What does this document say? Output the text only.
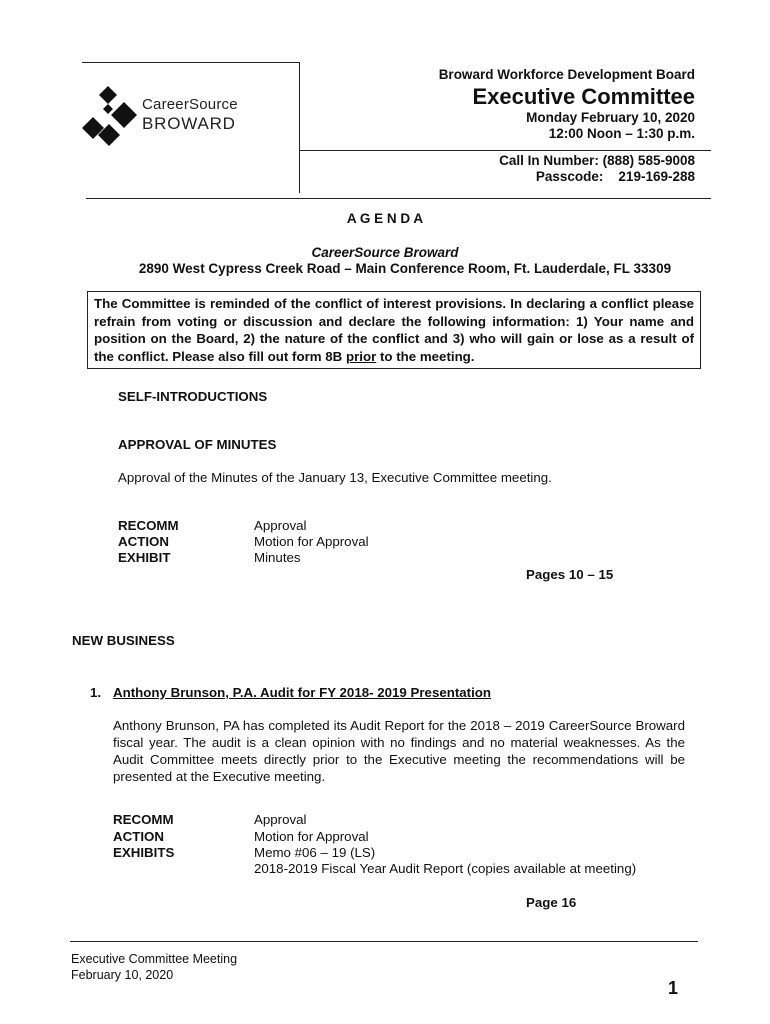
CareerSource
BROWARD
Broward Workforce Development Board
Executive Committee
Monday February 10, 2020
12:00 Noon – 1:30 p.m.
Call In Number: (888) 585-9008
Passcode:    219-169-288
A G E N D A
CareerSource Broward
2890 West Cypress Creek Road – Main Conference Room, Ft. Lauderdale, FL 33309
The Committee is reminded of the conflict of interest provisions. In declaring a conflict please refrain from voting or discussion and declare the following information: 1) Your name and position on the Board, 2) the nature of the conflict and 3) who will gain or lose as a result of the conflict. Please also fill out form 8B prior to the meeting.
SELF-INTRODUCTIONS
APPROVAL OF MINUTES
Approval of the Minutes of the January 13, Executive Committee meeting.
RECOMM
ACTION
EXHIBIT
Approval
Motion for Approval
Minutes
Pages 10 – 15
NEW BUSINESS
1. Anthony Brunson, P.A. Audit for FY 2018- 2019 Presentation
Anthony Brunson, PA has completed its Audit Report for the 2018 – 2019 CareerSource Broward fiscal year. The audit is a clean opinion with no findings and no material weaknesses. As the Audit Committee meets directly prior to the Executive meeting the recommendations will be presented at the Executive meeting.
RECOMM
ACTION
EXHIBITS
Approval
Motion for Approval
Memo #06 – 19 (LS)
2018-2019 Fiscal Year Audit Report (copies available at meeting)
Page 16
Executive Committee Meeting
February 10, 2020
1
